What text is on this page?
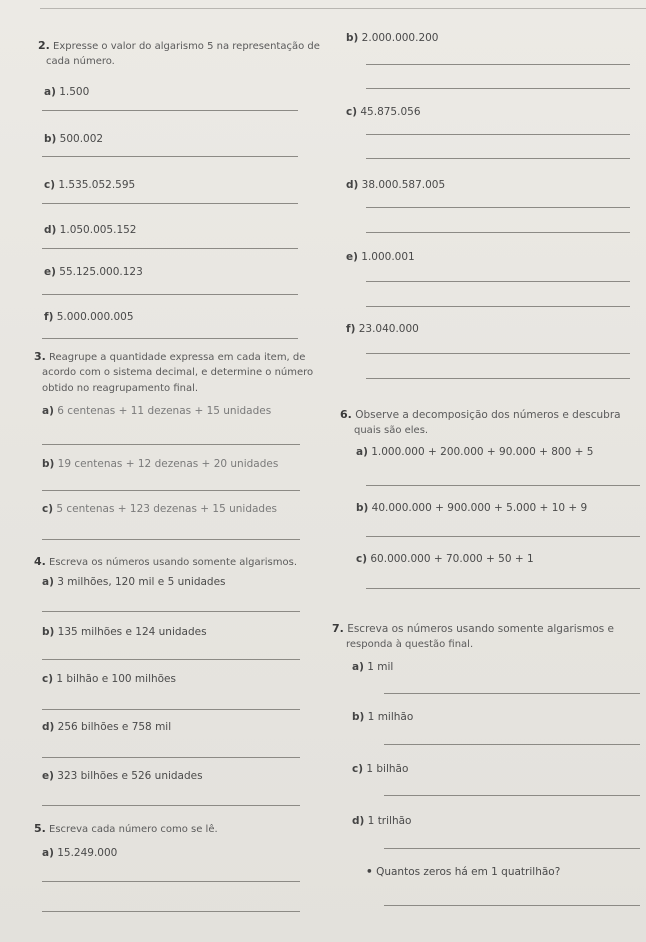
2. Expresse o valor do algarismo 5 na representação de
cada número.
a) 1.500
b) 500.002
c) 1.535.052.595
d) 1.050.005.152
e) 55.125.000.123
f) 5.000.000.005
b) 2.000.000.200
c) 45.875.056
d) 38.000.587.005
e) 1.000.001
f) 23.040.000
3. Reagrupe a quantidade expressa em cada item, de
acordo com o sistema decimal, e determine o número
obtido no reagrupamento final.
a) 6 centenas + 11 dezenas + 15 unidades
b) 19 centenas + 12 dezenas + 20 unidades
c) 5 centenas + 123 dezenas + 15 unidades
4. Escreva os números usando somente algarismos.
a) 3 milhões, 120 mil e 5 unidades
b) 135 milhões e 124 unidades
c) 1 bilhão e 100 milhões
d) 256 bilhões e 758 mil
e) 323 bilhões e 526 unidades
5. Escreva cada número como se lê.
a) 15.249.000
6. Observe a decomposição dos números e descubra
quais são eles.
a) 1.000.000 + 200.000 + 90.000 + 800 + 5
b) 40.000.000 + 900.000 + 5.000 + 10 + 9
c) 60.000.000 + 70.000 + 50 + 1
7. Escreva os números usando somente algarismos e
responda à questão final.
a) 1 mil
b) 1 milhão
c) 1 bilhão
d) 1 trilhão
• Quantos zeros há em 1 quatrilhão?
